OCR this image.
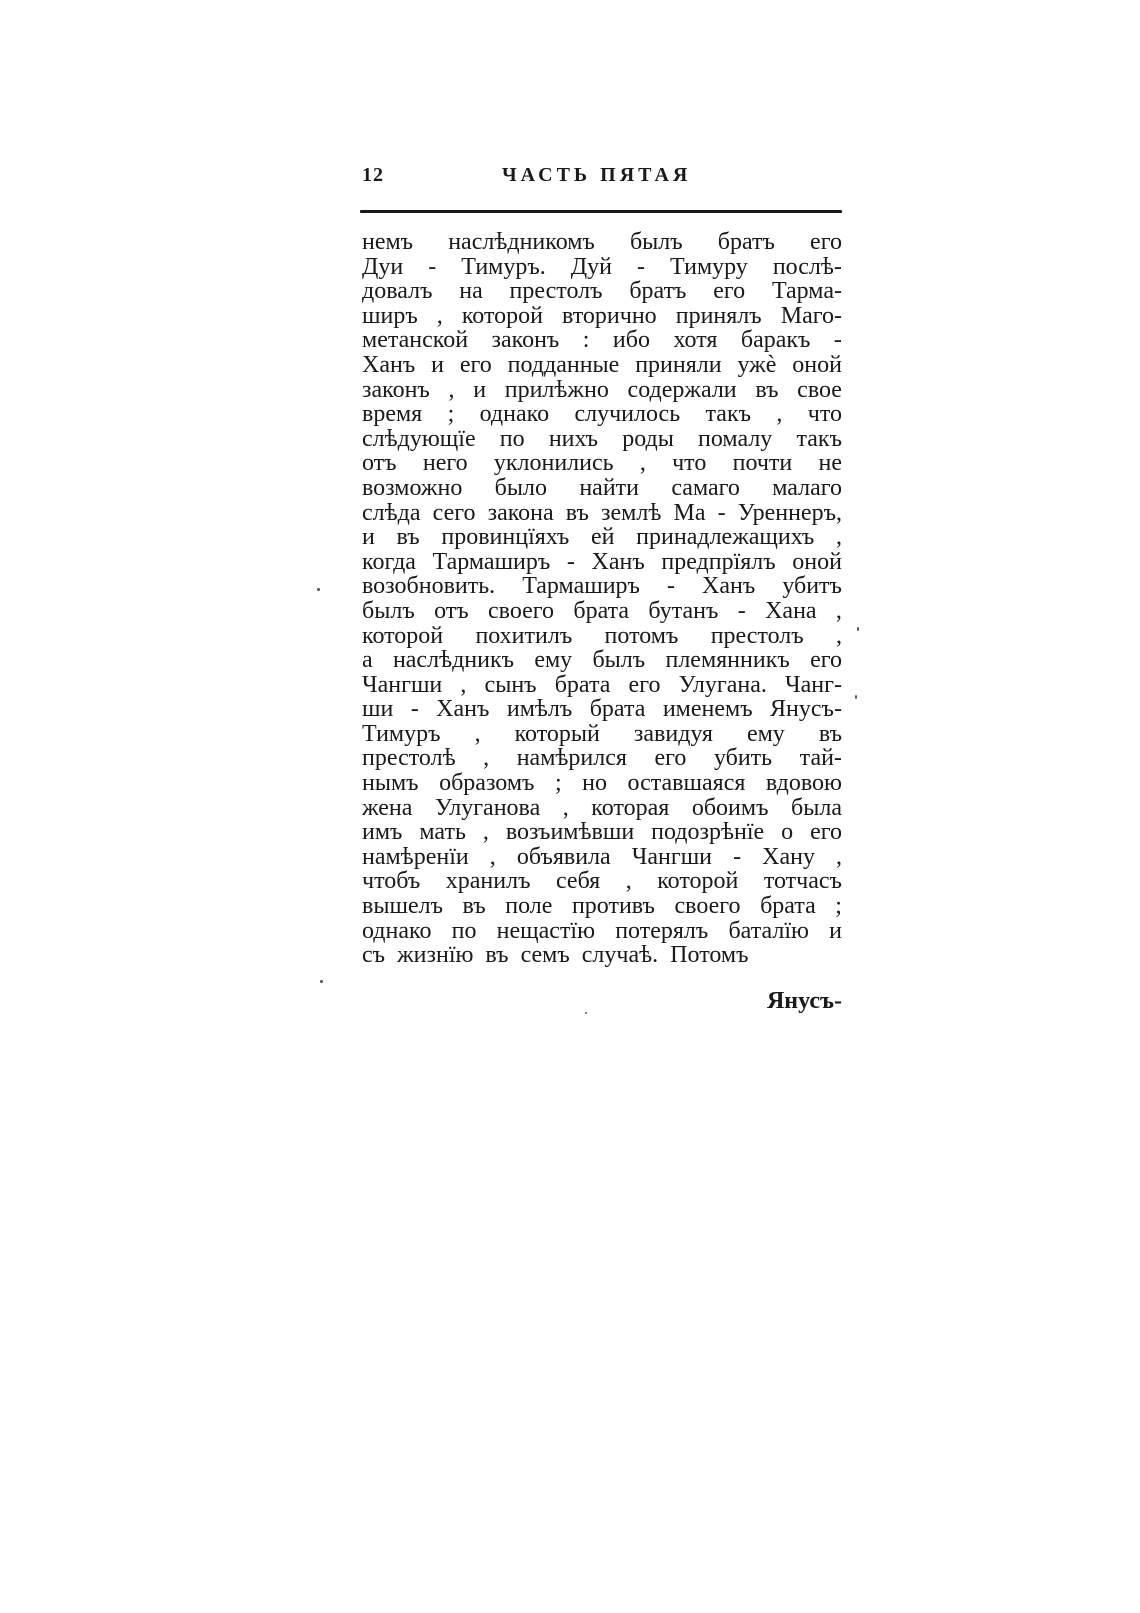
12	ЧАСТЬ ПЯТАЯ
немъ наслѣдникомъ былъ братъ его
Дуи - Тимуръ. Дуй - Тимуру послѣ-
довалъ на престолъ братъ его Тарма-
ширъ , которой вторично принялъ Маго-
метанской законъ : ибо хотя баракъ -
Ханъ и его подданные приняли ужѐ оной
законъ , и прилѣжно содержали въ свое
время ; однако случилось такъ , что
слѣдующїе по нихъ роды помалу такъ
отъ него уклонились , что почти не
возможно было найти самаго малаго
слѣда сего закона въ землѣ Ма - Уреннеръ,
и въ провинцїяхъ ей принадлежащихъ ,
когда Тармаширъ - Ханъ предпрїялъ оной
возобновить. Тармаширъ - Ханъ убитъ
былъ отъ своего брата бутанъ - Хана ,
которой похитилъ потомъ престолъ ,
а наслѣдникъ ему былъ племянникъ его
Чангши , сынъ брата его Улугана. Чанг-
ши - Ханъ имѣлъ брата именемъ Янусъ-
Тимуръ , который завидуя ему въ
престолѣ , намѣрился его убить тай-
нымъ образомъ ; но оставшаяся вдовою
жена Улуганова , которая обоимъ была
имъ мать , возъимѣвши подозрѣнїе о его
намѣренїи , объявила Чангши - Хану ,
чтобъ хранилъ себя , которой тотчасъ
вышелъ въ поле противъ своего брата ;
однако по нещастїю потерялъ баталїю и
съ жизнїю въ семъ случаѣ. Потомъ
Янусъ-
